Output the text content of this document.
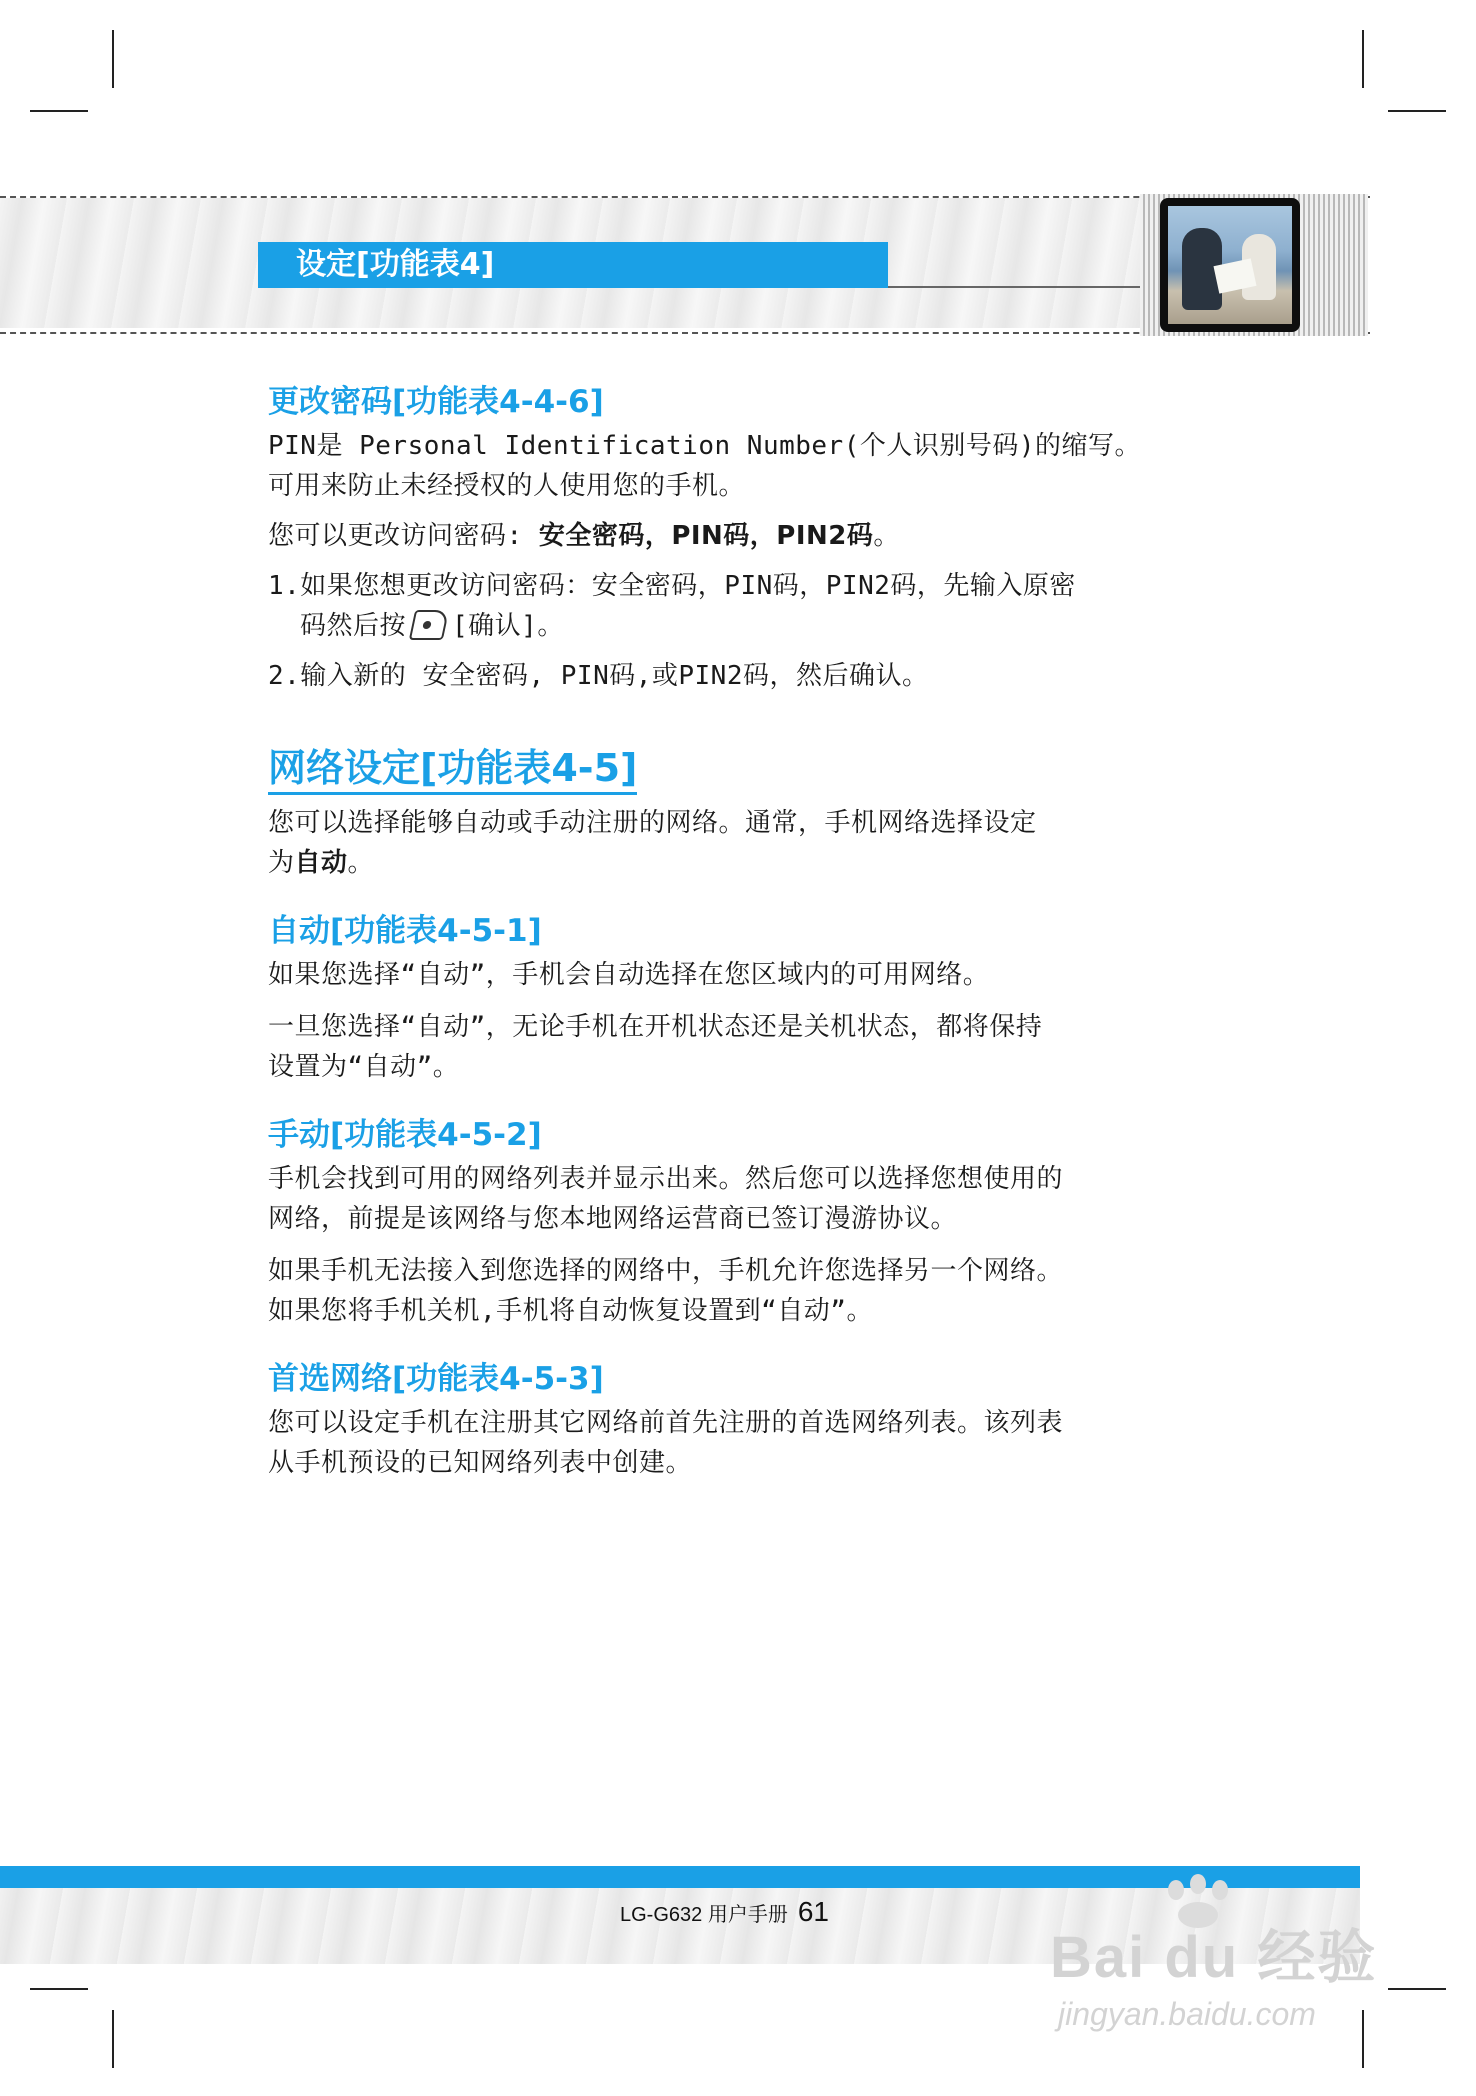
设定[功能表4]
更改密码[功能表4-4-6]

PIN是 Personal Identification Number(个人识别号码)的缩写。

可用来防止未经授权的人使用您的手机。

您可以更改访问密码: 安全密码，PIN码，PIN2码。

1.如果您想更改访问密码：安全密码，PIN码，PIN2码，先输入原密

码然后按 [确认]。

2.输入新的 安全密码, PIN码,或PIN2码，然后确认。

网络设定[功能表4-5]

您可以选择能够自动或手动注册的网络。通常，手机网络选择设定

为自动。

自动[功能表4-5-1]

如果您选择“自动”，手机会自动选择在您区域内的可用网络。

一旦您选择“自动”，无论手机在开机状态还是关机状态，都将保持

设置为“自动”。

手动[功能表4-5-2]

手机会找到可用的网络列表并显示出来。然后您可以选择您想使用的

网络，前提是该网络与您本地网络运营商已签订漫游协议。

如果手机无法接入到您选择的网络中，手机允许您选择另一个网络。

如果您将手机关机,手机将自动恢复设置到“自动”。

首选网络[功能表4-5-3]

您可以设定手机在注册其它网络前首先注册的首选网络列表。该列表

从手机预设的已知网络列表中创建。

LG-G632 用户手册 61
Bai du 经验
jingyan.baidu.com
